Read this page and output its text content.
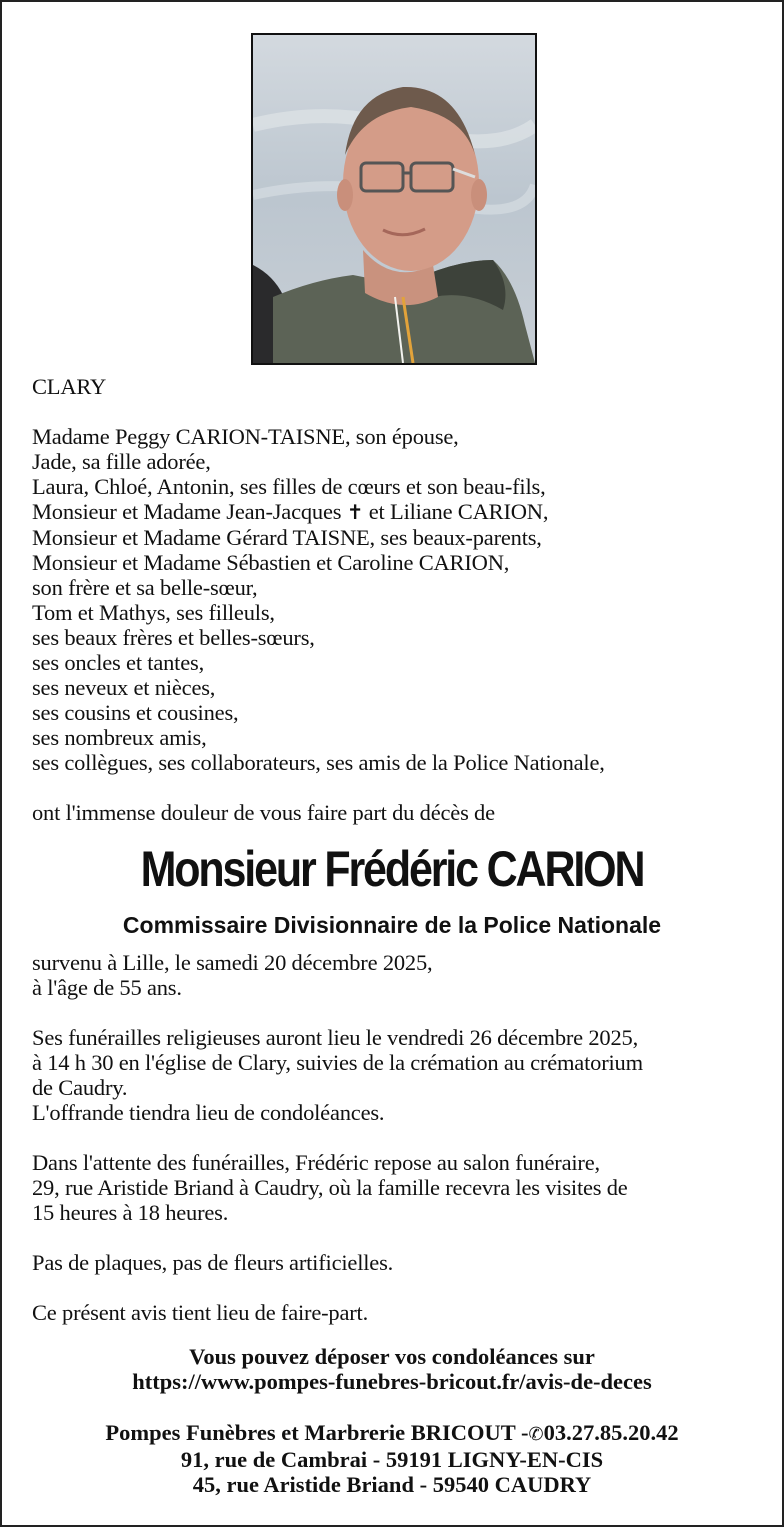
CLARY

Madame Peggy CARION-TAISNE, son épouse,

Jade, sa fille adorée,

Laura, Chloé, Antonin, ses filles de cœurs et son beau-fils,

Monsieur et Madame Jean-Jacques ✝ et Liliane CARION,

Monsieur et Madame Gérard TAISNE, ses beaux-parents,

Monsieur et Madame Sébastien et Caroline CARION,

son frère et sa belle-sœur,

Tom et Mathys, ses filleuls,

ses beaux frères et belles-sœurs,

ses oncles et tantes,

ses neveux et nièces,

ses cousins et cousines,

ses nombreux amis,

ses collègues, ses collaborateurs, ses amis de la Police Nationale,

ont l'immense douleur de vous faire part du décès de

Monsieur Frédéric CARION
Commissaire Divisionnaire de la Police Nationale

survenu à Lille, le samedi 20 décembre 2025,

à l'âge de 55 ans.

Ses funérailles religieuses auront lieu le vendredi 26 décembre 2025,

à 14 h 30 en l'église de Clary, suivies de la crémation au crématorium

de Caudry.

L'offrande tiendra lieu de condoléances.

Dans l'attente des funérailles, Frédéric repose au salon funéraire,

29, rue Aristide Briand à Caudry, où la famille recevra les visites de

15 heures à 18 heures.

Pas de plaques, pas de fleurs artificielles.

Ce présent avis tient lieu de faire-part.

Vous pouvez déposer vos condoléances sur

https://www.pompes-funebres-bricout.fr/avis-de-deces

Pompes Funèbres et Marbrerie BRICOUT -✆03.27.85.20.42

91, rue de Cambrai - 59191 LIGNY-EN-CIS

45, rue Aristide Briand - 59540 CAUDRY
